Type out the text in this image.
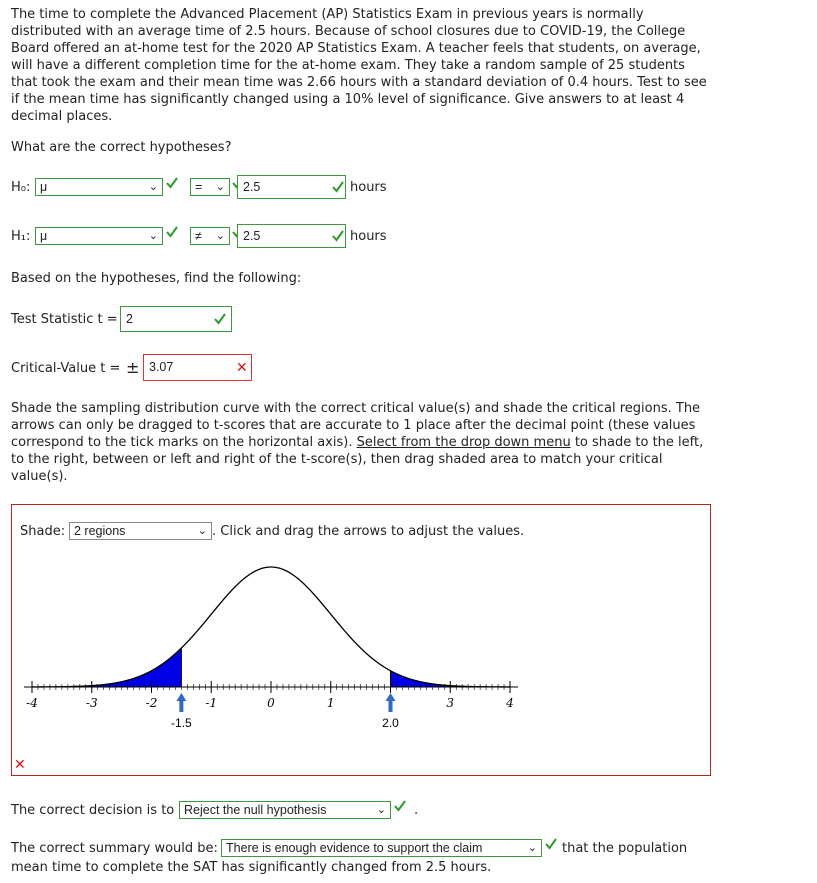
The time to complete the Advanced Placement (AP) Statistics Exam in previous years is normally

distributed with an average time of 2.5 hours. Because of school closures due to COVID-19, the College

Board offered an at-home test for the 2020 AP Statistics Exam. A teacher feels that students, on average,

will have a different completion time for the at-home exam. They take a random sample of 25 students

that took the exam and their mean time was 2.66 hours with a standard deviation of 0.4 hours. Test to see

if the mean time has significantly changed using a 10% level of significance. Give answers to at least 4

decimal places.

What are the correct hypotheses?

H₀: μ	⌄	= ⌄	2.5	hours
H₁: μ	⌄	≠ ⌄	2.5	hours
Based on the hypotheses, find the following:
Test Statistic t = 2
Critical-Value t = ± 3.07	✕

Shade the sampling distribution curve with the correct critical value(s) and shade the critical regions. The

arrows can only be dragged to t-scores that are accurate to 1 place after the decimal point (these values

correspond to the tick marks on the horizontal axis). Select from the drop down menu to shade to the left,

to the right, between or left and right of the t-score(s), then drag shaded area to match your critical

value(s).

Shade: 2 regions	⌄ . Click and drag the arrows to adjust the values.
-4	-3	-2	-1	0	1	3	4
-1.5	2.0
✕
The correct decision is to Reject the null hypothesis	⌄ .
The correct summary would be: There is enough evidence to support the claim	⌄ that the population
mean time to complete the SAT has significantly changed from 2.5 hours.
